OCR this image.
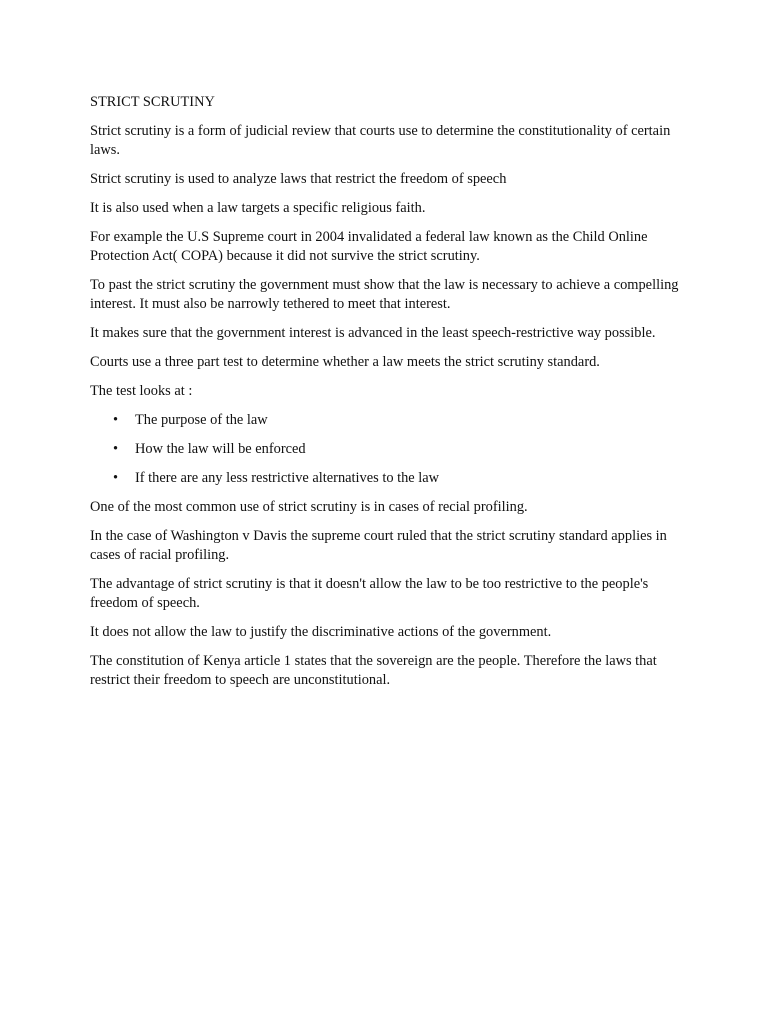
STRICT SCRUTINY

Strict scrutiny is a form of judicial review that courts use to determine the constitutionality of certain laws.

Strict scrutiny is used to analyze laws that restrict the freedom of speech

It is also used when a law targets a specific religious faith.

For example the U.S Supreme court in 2004 invalidated a federal law known as the Child Online Protection Act( COPA) because it did not survive the strict scrutiny.

To past the strict scrutiny the government must show that the law is necessary to achieve a compelling interest. It must also be narrowly tethered to meet that interest.

It makes sure that the government interest is advanced in the least speech-restrictive way possible.

Courts use a three part test to determine whether a law meets the strict scrutiny standard.

The test looks at :

• The purpose of the law
• How the law will be enforced
• If there are any less restrictive alternatives to the law

One of the most common use of strict scrutiny is in cases of recial profiling.

In the case of Washington v Davis the supreme court ruled that the strict scrutiny standard applies in cases of racial profiling.

The advantage of strict scrutiny is that it doesn't allow the law to be too restrictive to the people's freedom of speech.

It does not allow the law to justify the discriminative actions of the government.

The constitution of Kenya article 1 states that the sovereign are the people. Therefore the laws that restrict their freedom to speech are unconstitutional.
